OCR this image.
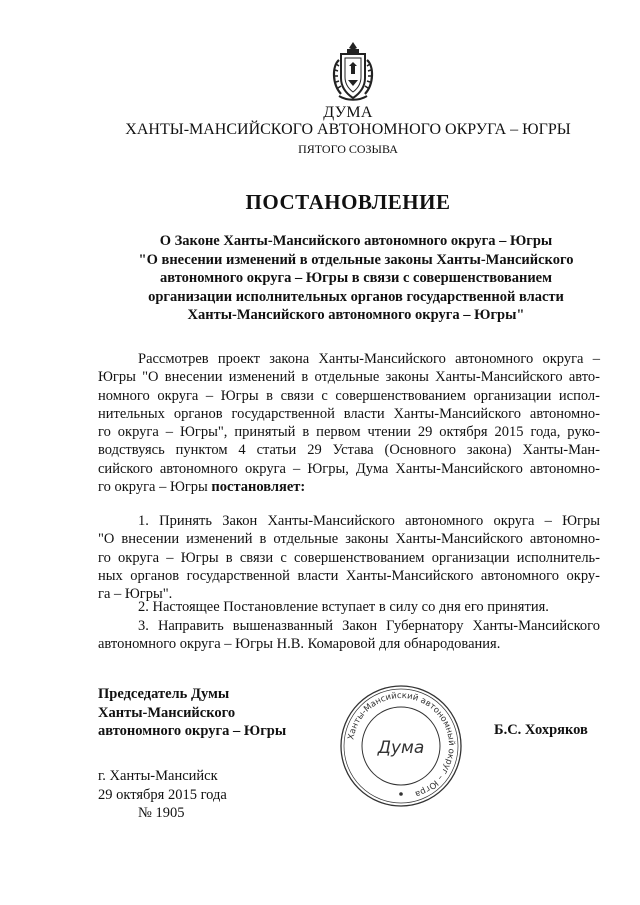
ДУМА
ХАНТЫ-МАНСИЙСКОГО АВТОНОМНОГО ОКРУГА – ЮГРЫ
ПЯТОГО СОЗЫВА
ПОСТАНОВЛЕНИЕ
О Законе Ханты-Мансийского автономного округа – Югры
"О внесении изменений в отдельные законы Ханты-Мансийского
автономного округа – Югры в связи с совершенствованием
организации исполнительных органов государственной власти
Ханты-Мансийского автономного округа – Югры"
Рассмотрев проект закона Ханты-Мансийского автономного округа –
Югры "О внесении изменений в отдельные законы Ханты-Мансийского авто-
номного округа – Югры в связи с совершенствованием организации испол-
нительных органов государственной власти Ханты-Мансийского автономно-
го округа – Югры", принятый в первом чтении 29 октября 2015 года, руко-
водствуясь пунктом 4 статьи 29 Устава (Основного закона) Ханты-Ман-
сийского автономного округа – Югры, Дума Ханты-Мансийского автономно-
го округа – Югры постановляет:
1. Принять Закон Ханты-Мансийского автономного округа – Югры
"О внесении изменений в отдельные законы Ханты-Мансийского автономно-
го округа – Югры в связи с совершенствованием организации исполнитель-
ных органов государственной власти Ханты-Мансийского автономного окру-
га – Югры".
2. Настоящее Постановление вступает в силу со дня его принятия.
3. Направить вышеназванный Закон Губернатору Ханты-Мансийского
автономного округа – Югры Н.В. Комаровой для обнародования.
Председатель Думы
Ханты-Мансийского
автономного округа – Югры	Ханты-Мансийский автономный округ – Югра
Дума
Б.С. Хохряков
г. Ханты-Мансийск
29 октября 2015 года
№ 1905
